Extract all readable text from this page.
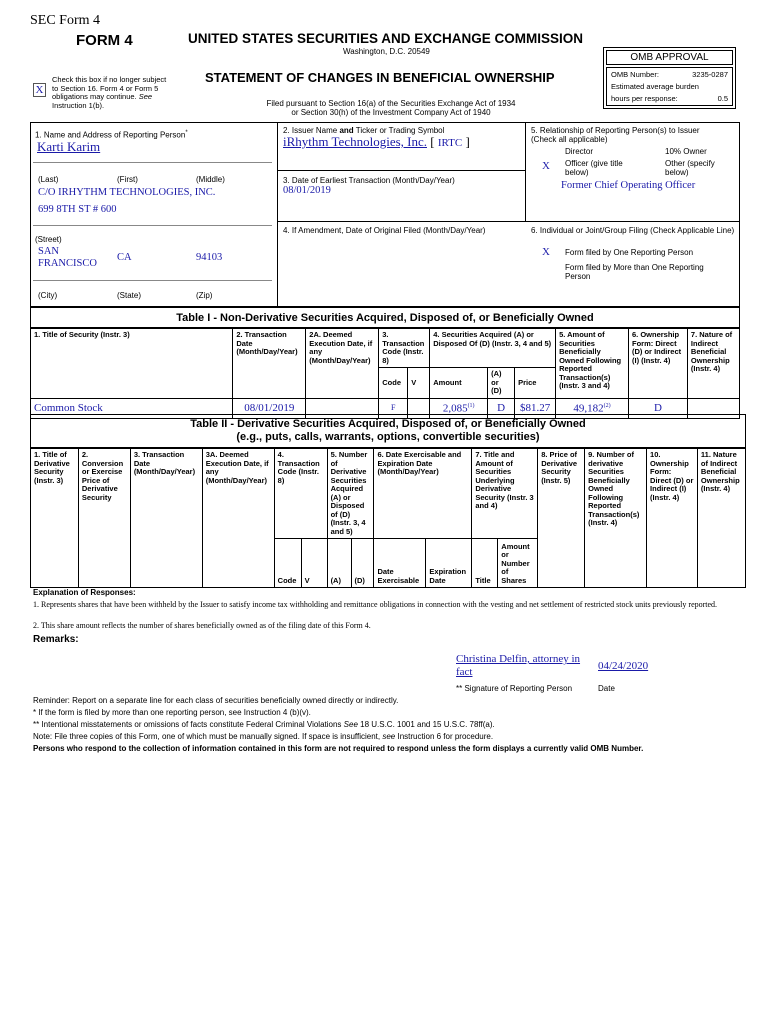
SEC Form 4
FORM 4	UNITED STATES SECURITIES AND EXCHANGE COMMISSION
Washington, D.C. 20549
X
Check this box if no longer subject
to Section 16. Form 4 or Form 5
obligations may continue. See
Instruction 1(b).
STATEMENT OF CHANGES IN BENEFICIAL OWNERSHIP
Filed pursuant to Section 16(a) of the Securities Exchange Act of 1934
or Section 30(h) of the Investment Company Act of 1940
OMB APPROVAL
OMB Number:	3235-0287
Estimated average burden
hours per response:	0.5
1. Name and Address of Reporting Person*
Karti Karim
(Last)	(First)	(Middle)
C/O IRHYTHM TECHNOLOGIES, INC.
699 8TH ST # 600
(Street)
SAN
FRANCISCO
CA	94103
(City)	(State)	(Zip)
2. Issuer Name and Ticker or Trading Symbol
iRhythm Technologies, Inc. [ IRTC ]
3. Date of Earliest Transaction (Month/Day/Year)
08/01/2019
4. If Amendment, Date of Original Filed (Month/Day/Year)
5. Relationship of Reporting Person(s) to Issuer
(Check all applicable)
Director	10% Owner
X Officer (give title below)
Other (specify below)
Former Chief Operating Officer
6. Individual or Joint/Group Filing (Check Applicable Line)
X Form filed by One Reporting Person
Form filed by More than One Reporting Person
Table I - Non-Derivative Securities Acquired, Disposed of, or Beneficially Owned
1. Title of Security (Instr. 3)	2. Transaction Date (Month/Day/Year)	2A. Deemed Execution Date, if any (Month/Day/Year)	3. Transaction Code (Instr. 8)		4. Securities Acquired (A) or Disposed Of (D) (Instr. 3, 4 and 5)			5. Amount of Securities Beneficially Owned Following Reported Transaction(s) (Instr. 3 and 4)	6. Ownership Form: Direct (D) or Indirect (I) (Instr. 4)	7. Nature of Indirect Beneficial Ownership (Instr. 4)
			Code	V	Amount	(A) or (D)	Price			
Common Stock	08/01/2019		F		2,085$^{(1)}$	D	$81.27	49,182$^{(2)}$	D	
Table II - Derivative Securities Acquired, Disposed of, or Beneficially Owned
(e.g., puts, calls, warrants, options, convertible securities)
1. Title of Derivative Security (Instr. 3)	2. Conversion or Exercise Price of Derivative Security	3. Transaction Date (Month/Day/Year)	3A. Deemed Execution Date, if any (Month/Day/Year)	4. Transaction Code (Instr. 8)		5. Number of Derivative Securities Acquired (A) or Disposed of (D) (Instr. 3, 4 and 5)		6. Date Exercisable and Expiration Date (Month/Day/Year)		7. Title and Amount of Securities Underlying Derivative Security (Instr. 3 and 4)		8. Price of Derivative Security (Instr. 5)	9. Number of derivative Securities Beneficially Owned Following Reported Transaction(s) (Instr. 4)	10. Ownership Form: Direct (D) or Indirect (I) (Instr. 4)	11. Nature of Indirect Beneficial Ownership (Instr. 4)
				Code	V	(A)	(D)	Date Exercisable	Expiration Date	Title	Amount or Number of Shares				
Explanation of Responses:
1. Represents shares that have been withheld by the Issuer to satisfy income tax withholding and remittance obligations in connection with the vesting and net settlement of restricted stock units previously reported.
2. This share amount reflects the number of shares beneficially owned as of the filing date of this Form 4.
Remarks:
Christina Delfin, attorney in fact	04/24/2020
** Signature of Reporting Person	Date
Reminder: Report on a separate line for each class of securities beneficially owned directly or indirectly.
* If the form is filed by more than one reporting person, see Instruction 4 (b)(v).
** Intentional misstatements or omissions of facts constitute Federal Criminal Violations See 18 U.S.C. 1001 and 15 U.S.C. 78ff(a).
Note: File three copies of this Form, one of which must be manually signed. If space is insufficient, see Instruction 6 for procedure.
Persons who respond to the collection of information contained in this form are not required to respond unless the form displays a currently valid OMB Number.
